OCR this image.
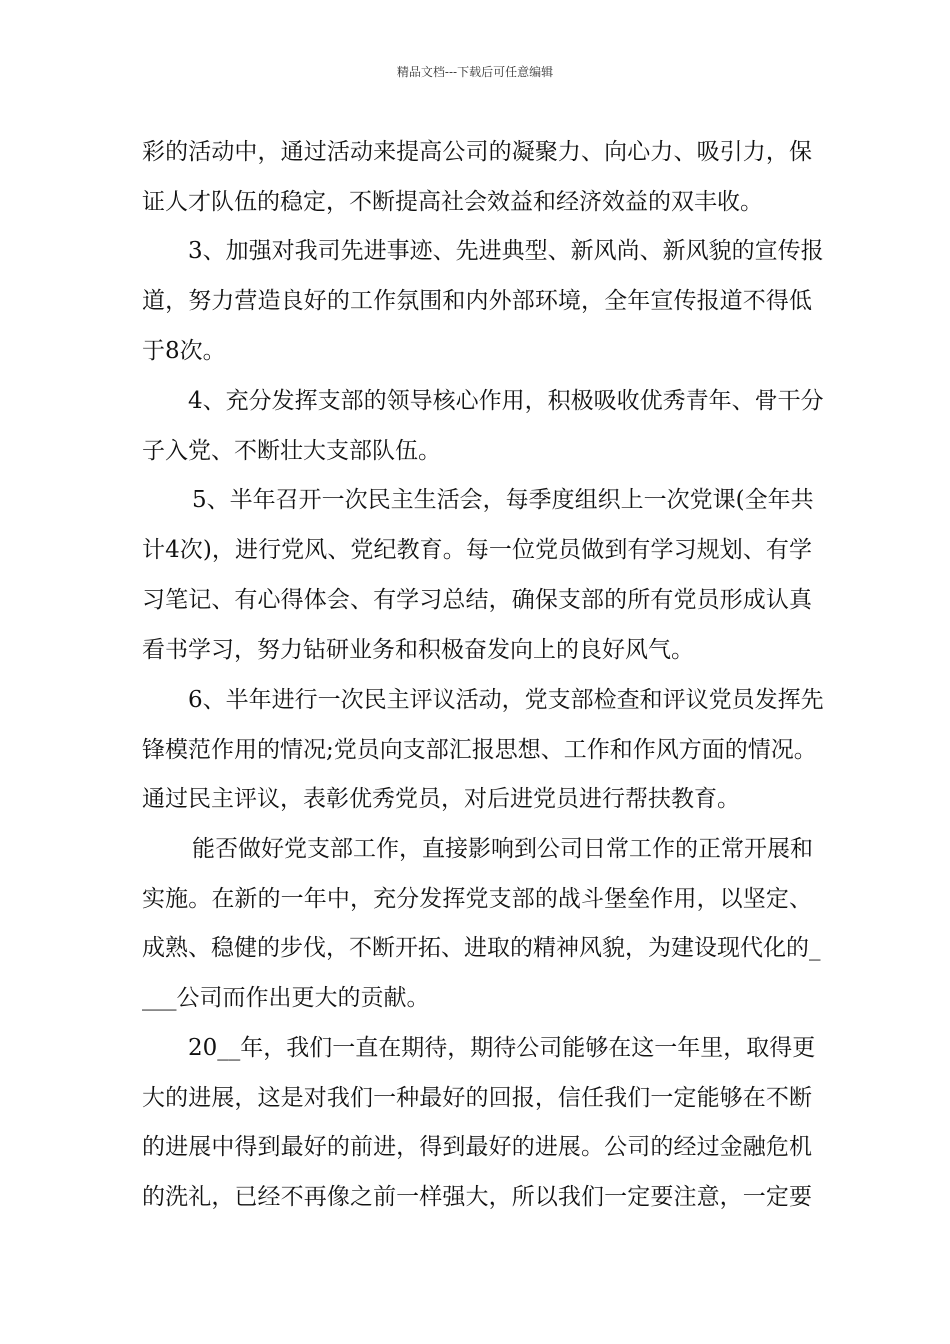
精品文档---下载后可任意编辑
彩的活动中，通过活动来提高公司的凝聚力、向心力、吸引力，保
证人才队伍的稳定，不断提高社会效益和经济效益的双丰收。
3、加强对我司先进事迹、先进典型、新风尚、新风貌的宣传报
道，努力营造良好的工作氛围和内外部环境，全年宣传报道不得低
于8次。
4、充分发挥支部的领导核心作用，积极吸收优秀青年、骨干分
子入党、不断壮大支部队伍。
5、半年召开一次民主生活会，每季度组织上一次党课(全年共
计4次)，进行党风、党纪教育。每一位党员做到有学习规划、有学
习笔记、有心得体会、有学习总结，确保支部的所有党员形成认真
看书学习，努力钻研业务和积极奋发向上的良好风气。
6、半年进行一次民主评议活动，党支部检查和评议党员发挥先
锋模范作用的情况;党员向支部汇报思想、工作和作风方面的情况。
通过民主评议，表彰优秀党员，对后进党员进行帮扶教育。
能否做好党支部工作，直接影响到公司日常工作的正常开展和
实施。在新的一年中，充分发挥党支部的战斗堡垒作用，以坚定、
成熟、稳健的步伐，不断开拓、进取的精神风貌，为建设现代化的_
___公司而作出更大的贡献。
20__年，我们一直在期待，期待公司能够在这一年里，取得更
大的进展，这是对我们一种最好的回报，信任我们一定能够在不断
的进展中得到最好的前进，得到最好的进展。公司的经过金融危机
的洗礼，已经不再像之前一样强大，所以我们一定要注意，一定要
